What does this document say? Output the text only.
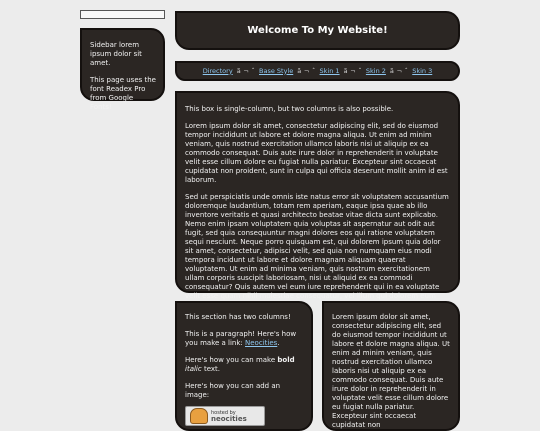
Sidebar lorem ipsum dolor sit amet.

This page uses the font Readex Pro from Google Fonts!

Welcome To My Website!
Directory ã ¬ ˆ Base Style ã ¬ ˆ Skin 1 ã ¬ ˆ Skin 2 ã ¬ ˆ Skin 3

This box is single-column, but two columns is also possible.

Lorem ipsum dolor sit amet, consectetur adipiscing elit, sed do eiusmod tempor incididunt ut labore et dolore magna aliqua. Ut enim ad minim veniam, quis nostrud exercitation ullamco laboris nisi ut aliquip ex ea commodo consequat. Duis aute irure dolor in reprehenderit in voluptate velit esse cillum dolore eu fugiat nulla pariatur. Excepteur sint occaecat cupidatat non proident, sunt in culpa qui officia deserunt mollit anim id est laborum.

Sed ut perspiciatis unde omnis iste natus error sit voluptatem accusantium doloremque laudantium, totam rem aperiam, eaque ipsa quae ab illo inventore veritatis et quasi architecto beatae vitae dicta sunt explicabo. Nemo enim ipsam voluptatem quia voluptas sit aspernatur aut odit aut fugit, sed quia consequuntur magni dolores eos qui ratione voluptatem sequi nesciunt. Neque porro quisquam est, qui dolorem ipsum quia dolor sit amet, consectetur, adipisci velit, sed quia non numquam eius modi tempora incidunt ut labore et dolore magnam aliquam quaerat voluptatem. Ut enim ad minima veniam, quis nostrum exercitationem ullam corporis suscipit laboriosam, nisi ut aliquid ex ea commodi consequatur? Quis autem vel eum iure reprehenderit qui in ea voluptate velit esse quam nihil molestiae consequatur, vel illum qui dolorem eum

This section has two columns!

This is a paragraph! Here's how you make a link: Neocities.

Here's how you can make bold
italic text.

Here's how you can add an image:

hosted by
neocities

Lorem ipsum dolor sit amet, consectetur adipiscing elit, sed do eiusmod tempor incididunt ut labore et dolore magna aliqua. Ut enim ad minim veniam, quis nostrud exercitation ullamco laboris nisi ut aliquip ex ea commodo consequat. Duis aute irure dolor in reprehenderit in voluptate velit esse cillum dolore eu fugiat nulla pariatur. Excepteur sint occaecat cupidatat non
